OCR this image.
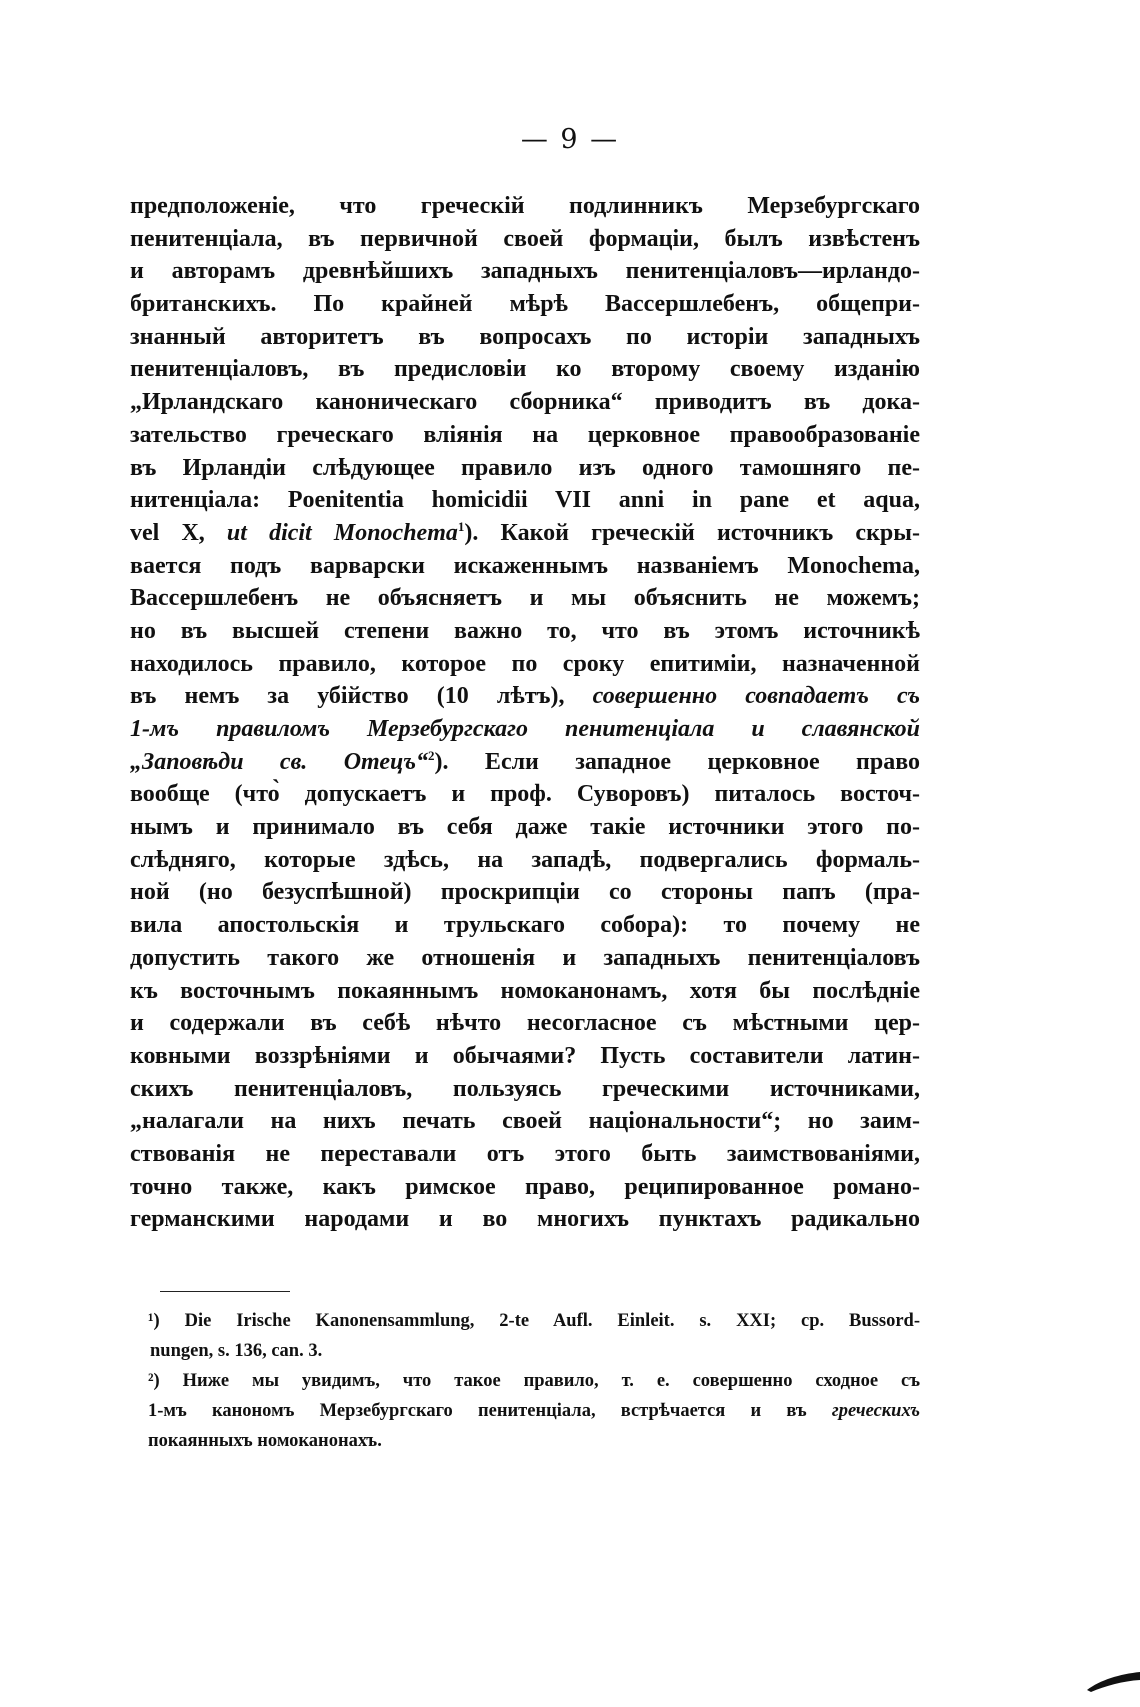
— 9 —
предположеніе, что греческій подлинникъ Мерзебургскаго
пенитенціала, въ первичной своей формаціи, былъ извѣстенъ
и авторамъ древнѣйшихъ западныхъ пенитенціаловъ—ирландо-
британскихъ. По крайней мѣрѣ Вассершлебенъ, общепри-
знанный авторитетъ въ вопросахъ по исторіи западныхъ
пенитенціаловъ, въ предисловіи ко второму своему изданію
„Ирландскаго каноническаго сборника“ приводитъ въ дока-
зательство греческаго вліянія на церковное правообразованіе
въ Ирландіи слѣдующее правило изъ одного тамошняго пе-
нитенціала: Poenitentia homicidii VII anni in pane et aqua,
vel X, ut dicit Monochema$^1$). Какой греческій источникъ скры-
вается подъ варварски искаженнымъ названіемъ Monochema,
Вассершлебенъ не объясняетъ и мы объяснить не можемъ;
но въ высшей степени важно то, что въ этомъ источникѣ
находилось правило, которое по сроку епитиміи, назначенной
въ немъ за убійство (10 лѣтъ), совершенно совпадаетъ съ
1-мъ правиломъ Мерзебургскаго пенитенціала и славянской
„Заповѣди св. Отецъ“$^2$). Если западное церковное право
вообще (что̀ допускаетъ и проф. Суворовъ) питалось восточ-
нымъ и принимало въ себя даже такіе источники этого по-
слѣдняго, которые здѣсь, на западѣ, подвергались формаль-
ной (но безуспѣшной) проскрипціи со стороны папъ (пра-
вила апостольскія и трульскаго собора): то почему не
допустить такого же отношенія и западныхъ пенитенціаловъ
къ восточнымъ покаяннымъ номоканонамъ, хотя бы послѣдніе
и содержали въ себѣ нѣчто несогласное съ мѣстными цер-
ковными воззрѣніями и обычаями? Пусть составители латин-
скихъ пенитенціаловъ, пользуясь греческими источниками,
„налагали на нихъ печать своей національности“; но заим-
ствованія не переставали отъ этого быть заимствованіями,
точно также, какъ римское право, реципированное романо-
германскими народами и во многихъ пунктахъ радикально
¹) Die Irische Kanonensammlung, 2-te Aufl. Einleit. s. XXI; ср. Bussord-
nungen, s. 136, can. 3.
²) Ниже мы увидимъ, что такое правило, т. е. совершенно сходное съ
1-мъ канономъ Мерзебургскаго пенитенціала, встрѣчается и въ греческихъ
покаянныхъ номоканонахъ.
